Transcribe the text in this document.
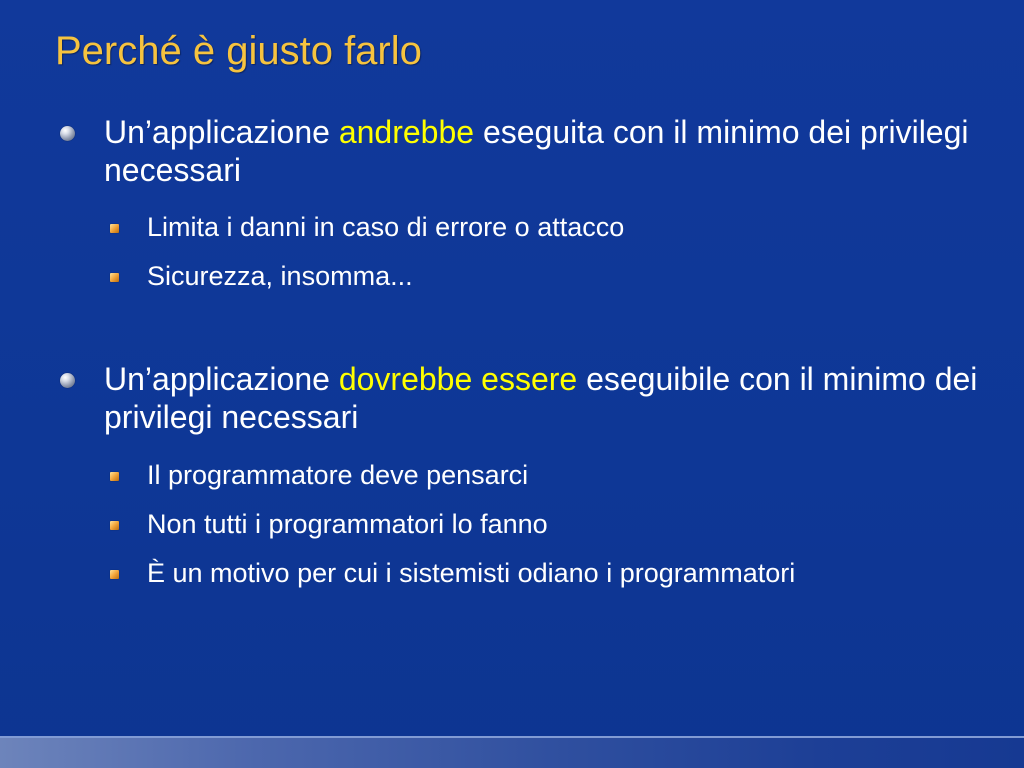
Perché è giusto farlo
Un’applicazione andrebbe eseguita con il minimo dei privilegi necessari
Limita i danni in caso di errore o attacco
Sicurezza, insomma...
Un’applicazione dovrebbe essere eseguibile con il minimo dei privilegi necessari
Il programmatore deve pensarci
Non tutti i programmatori lo fanno
È un motivo per cui i sistemisti odiano i programmatori
